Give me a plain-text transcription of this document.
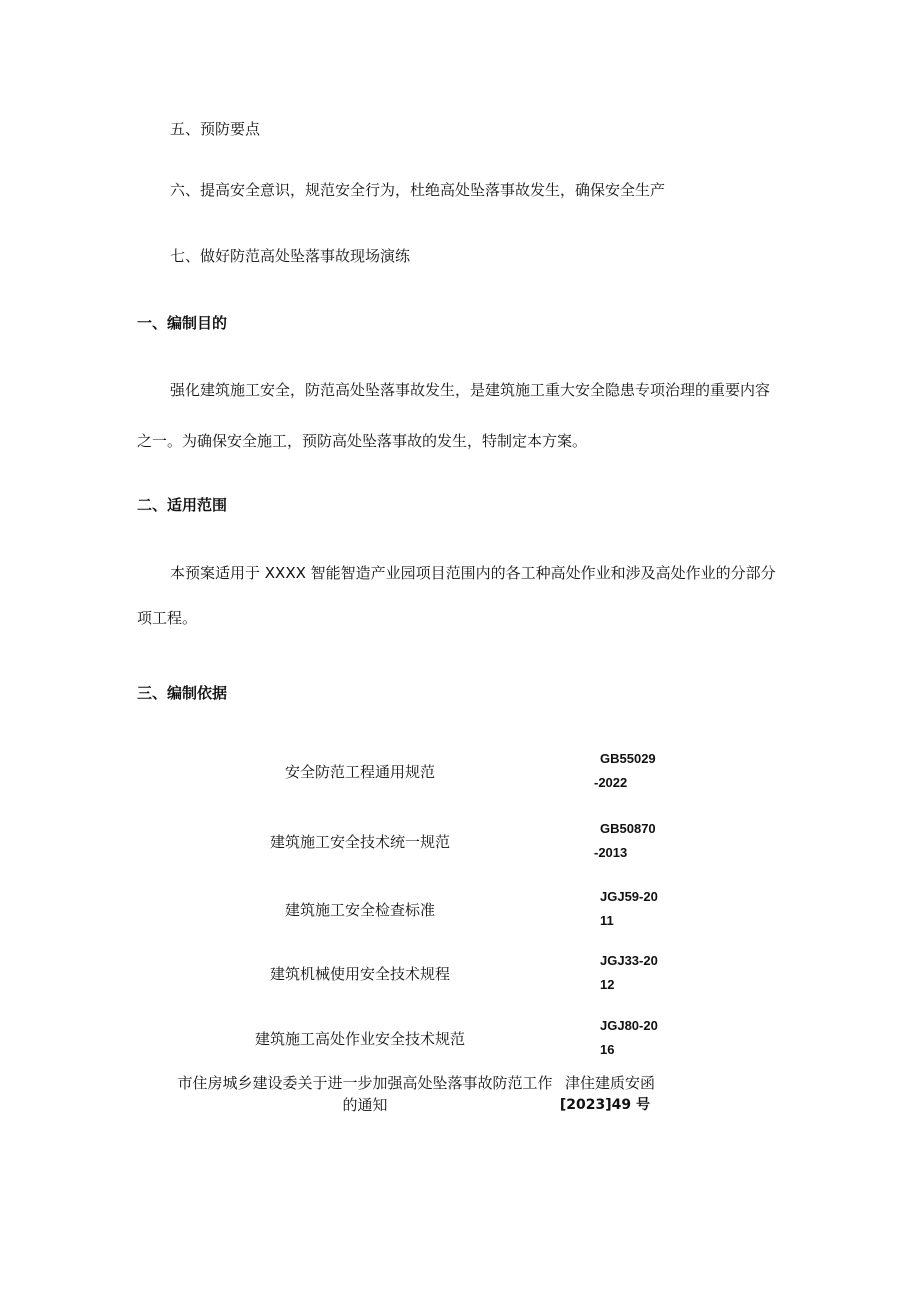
五、预防要点
六、提高安全意识，规范安全行为，杜绝高处坠落事故发生，确保安全生产
七、做好防范高处坠落事故现场演练
一、编制目的
强化建筑施工安全，防范高处坠落事故发生，是建筑施工重大安全隐患专项治理的重要内容
之一。为确保安全施工，预防高处坠落事故的发生，特制定本方案。
二、适用范围
本预案适用于 XXXX 智能智造产业园项目范围内的各工种高处作业和涉及高处作业的分部分
项工程。
三、编制依据
安全防范工程通用规范
GB55029
-2022
建筑施工安全技术统一规范
GB50870
-2013
建筑施工安全检查标准
JGJ59-20
11
建筑机械使用安全技术规程
JGJ33-20
12
建筑施工高处作业安全技术规范
JGJ80-20
16
市住房城乡建设委关于进一步加强高处坠落事故防范工作
的通知
津住建质安函
[2023]49 号
